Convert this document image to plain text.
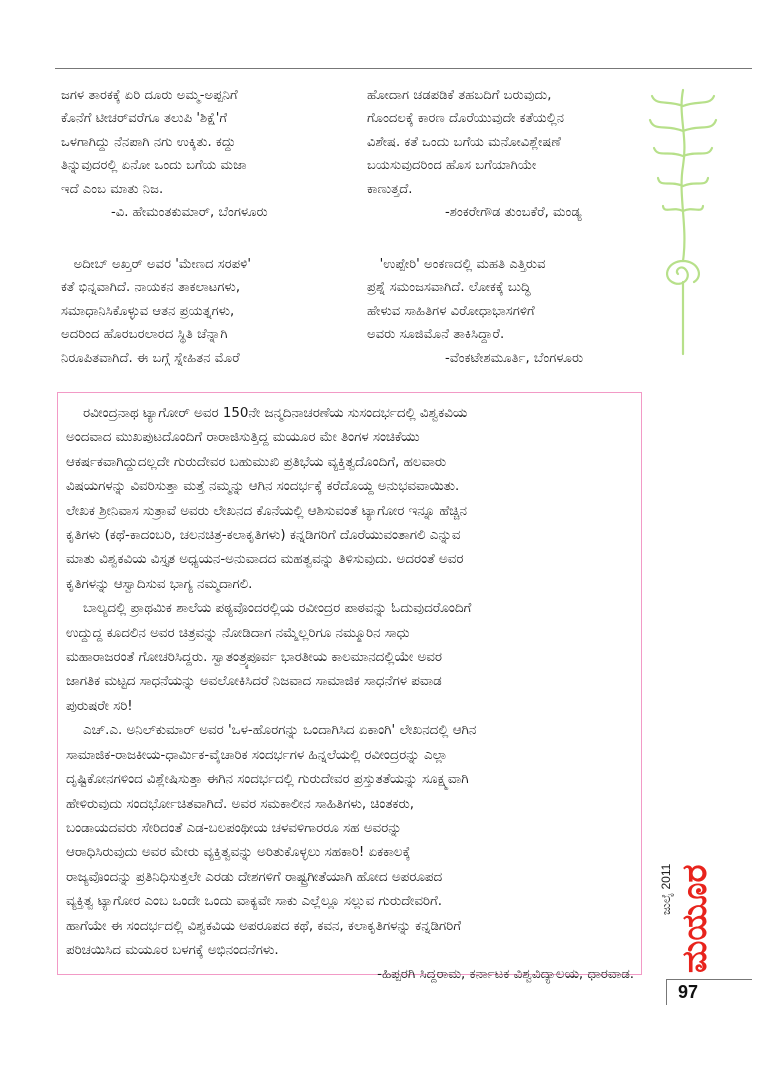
ಜಗಳ ತಾರಕಕ್ಕೆ ಏರಿ ದೂರು ಅಮ್ಮ-ಅಪ್ಪನಿಗೆ
ಕೊನೆಗೆ ಟೀಚರ್‌ವರೆಗೂ ತಲುಪಿ 'ಶಿಕ್ಷೆ'ಗೆ
ಒಳಗಾಗಿದ್ದು ನೆನಪಾಗಿ ನಗು ಉಕ್ಕಿತು. ಕದ್ದು
ತಿನ್ನುವುದರಲ್ಲಿ ಏನೋ ಒಂದು ಬಗೆಯ ಮಜಾ
ಇದೆ ಎಂಬ ಮಾತು ನಿಜ.
-ವಿ. ಹೇಮಂತಕುಮಾರ್, ಬೆಂಗಳೂರು
ಹೋದಾಗ ಚಡಪಡಿಕೆ ತಹಬದಿಗೆ ಬರುವುದು,
ಗೊಂದಲಕ್ಕೆ ಕಾರಣ ದೊರೆಯುವುದೇ ಕತೆಯಲ್ಲಿನ
ವಿಶೇಷ. ಕತೆ ಒಂದು ಬಗೆಯ ಮನೋವಿಶ್ಲೇಷಣೆ
ಬಯಸುವುದರಿಂದ ಹೊಸ ಬಗೆಯಾಗಿಯೇ
ಕಾಣುತ್ತದೆ.
-ಶಂಕರೇಗೌಡ ತುಂಬಕೆರೆ, ಮಂಡ್ಯ
ಅದೀಬ್ ಅಖ್ತರ್ ಅವರ 'ಮೇಣದ ಸರಪಳಿ'
ಕತೆ ಭಿನ್ನವಾಗಿದೆ. ನಾಯಕನ ತಾಕಲಾಟಗಳು,
ಸಮಾಧಾನಿಸಿಕೊಳ್ಳುವ ಆತನ ಪ್ರಯತ್ನಗಳು,
ಅದರಿಂದ ಹೊರಬರಲಾರದ ಸ್ಥಿತಿ ಚೆನ್ನಾಗಿ
ನಿರೂಪಿತವಾಗಿದೆ. ಈ ಬಗ್ಗೆ ಸ್ನೇಹಿತನ ಮೊರೆ
'ಉಪ್ಪೇರಿ' ಅಂಕಣದಲ್ಲಿ ಮಹತಿ ಎತ್ತಿರುವ
ಪ್ರಶ್ನೆ ಸಮಂಜಸವಾಗಿದೆ. ಲೋಕಕ್ಕೆ ಬುದ್ಧಿ
ಹೇಳುವ ಸಾಹಿತಿಗಳ ವಿರೋಧಾಭಾಸಗಳಿಗೆ
ಅವರು ಸೂಜಿಮೊನೆ ತಾಕಿಸಿದ್ದಾರೆ.
-ವೆಂಕಟೇಶಮೂರ್ತಿ, ಬೆಂಗಳೂರು
ರವೀಂದ್ರನಾಥ ಟ್ಯಾಗೋರ್ ಅವರ 150ನೇ ಜನ್ಮದಿನಾಚರಣೆಯ ಸುಸಂದರ್ಭದಲ್ಲಿ ವಿಶ್ವಕವಿಯ
ಅಂದವಾದ ಮುಖಪುಟದೊಂದಿಗೆ ರಾರಾಜಿಸುತ್ತಿದ್ದ ಮಯೂರ ಮೇ ತಿಂಗಳ ಸಂಚಿಕೆಯು
ಆಕರ್ಷಕವಾಗಿದ್ದುದಲ್ಲದೇ ಗುರುದೇವರ ಬಹುಮುಖಿ ಪ್ರತಿಭೆಯ ವ್ಯಕ್ತಿತ್ವದೊಂದಿಗೆ, ಹಲವಾರು
ವಿಷಯಗಳನ್ನು ವಿವರಿಸುತ್ತಾ ಮತ್ತೆ ನಮ್ಮನ್ನು ಆಗಿನ ಸಂದರ್ಭಕ್ಕೆ ಕರೆದೊಯ್ದ ಅನುಭವವಾಯಿತು.
ಲೇಖಕ ಶ್ರೀನಿವಾಸ ಸುತ್ರಾವೆ ಅವರು ಲೇಖನದ ಕೊನೆಯಲ್ಲಿ ಆಶಿಸುವಂತೆ ಟ್ಯಾಗೋರ ಇನ್ನೂ ಹೆಚ್ಚಿನ
ಕೃತಿಗಳು (ಕಥೆ-ಕಾದಂಬರಿ, ಚಲನಚಿತ್ರ-ಕಲಾಕೃತಿಗಳು) ಕನ್ನಡಿಗರಿಗೆ ದೊರೆಯುವಂತಾಗಲಿ ಎನ್ನುವ
ಮಾತು ವಿಶ್ವಕವಿಯ ವಿಸ್ತೃತ ಅಧ್ಯಯನ-ಅನುವಾದದ ಮಹತ್ವವನ್ನು ತಿಳಿಸುವುದು. ಅದರಂತೆ ಅವರ
ಕೃತಿಗಳನ್ನು ಆಸ್ವಾದಿಸುವ ಭಾಗ್ಯ ನಮ್ಮದಾಗಲಿ.
ಬಾಲ್ಯದಲ್ಲಿ ಪ್ರಾಥಮಿಕ ಶಾಲೆಯ ಪಠ್ಯವೊಂದರಲ್ಲಿಯ ರವೀಂದ್ರರ ಪಾಠವನ್ನು ಓದುವುದರೊಂದಿಗೆ
ಉದ್ದುದ್ದ ಕೂದಲಿನ ಅವರ ಚಿತ್ರವನ್ನು ನೋಡಿದಾಗ ನಮ್ಮೆಲ್ಲರಿಗೂ ನಮ್ಮೂರಿನ ಸಾಧು
ಮಹಾರಾಜರಂತೆ ಗೋಚರಿಸಿದ್ದರು. ಸ್ವಾತಂತ್ರ್ಯಪೂರ್ವ ಭಾರತೀಯ ಕಾಲಮಾನದಲ್ಲಿಯೇ ಅವರ
ಜಾಗತಿಕ ಮಟ್ಟದ ಸಾಧನೆಯನ್ನು ಅವಲೋಕಿಸಿದರೆ ನಿಜವಾದ ಸಾಮಾಜಿಕ ಸಾಧನೆಗಳ ಪವಾಡ
ಪುರುಷರೇ ಸರಿ!
ಎಚ್.ಎ. ಅನಿಲ್‌ಕುಮಾರ್ ಅವರ 'ಒಳ-ಹೊರಗನ್ನು ಒಂದಾಗಿಸಿದ ಏಕಾಂಗಿ' ಲೇಖನದಲ್ಲಿ ಆಗಿನ
ಸಾಮಾಜಿಕ-ರಾಜಕೀಯ-ಧಾರ್ಮಿಕ-ವೈಚಾರಿಕ ಸಂದರ್ಭಗಳ ಹಿನ್ನಲೆಯಲ್ಲಿ ರವೀಂದ್ರರನ್ನು ಎಲ್ಲಾ
ದೃಷ್ಟಿಕೋನಗಳಿಂದ ವಿಶ್ಲೇಷಿಸುತ್ತಾ ಈಗಿನ ಸಂದರ್ಭದಲ್ಲಿ ಗುರುದೇವರ ಪ್ರಸ್ತುತತೆಯನ್ನು ಸೂಕ್ಷ್ಮವಾಗಿ
ಹೇಳಿರುವುದು ಸಂದರ್ಭೋಚಿತವಾಗಿದೆ. ಅವರ ಸಮಕಾಲೀನ ಸಾಹಿತಿಗಳು, ಚಿಂತಕರು,
ಬಂಡಾಯದವರು ಸೇರಿದಂತೆ ಎಡ-ಬಲಪಂಥೀಯ ಚಳವಳಿಗಾರರೂ ಸಹ ಅವರನ್ನು
ಆರಾಧಿಸಿರುವುದು ಅವರ ಮೇರು ವ್ಯಕ್ತಿತ್ವವನ್ನು ಅರಿತುಕೊಳ್ಳಲು ಸಹಕಾರಿ! ಏಕಕಾಲಕ್ಕೆ
ರಾಜ್ಯವೊಂದನ್ನು ಪ್ರತಿನಿಧಿಸುತ್ತಲೇ ಎರಡು ದೇಶಗಳಿಗೆ ರಾಷ್ಟ್ರಗೀತೆಯಾಗಿ ಹೋದ ಅಪರೂಪದ
ವ್ಯಕ್ತಿತ್ವ ಟ್ಯಾಗೋರ ಎಂಬ ಒಂದೇ ಒಂದು ವಾಕ್ಯವೇ ಸಾಕು ಎಲ್ಲೆಲ್ಲೂ ಸಲ್ಲುವ ಗುರುದೇವರಿಗೆ.
ಹಾಗೆಯೇ ಈ ಸಂದರ್ಭದಲ್ಲಿ ವಿಶ್ವಕವಿಯ ಅಪರೂಪದ ಕಥೆ, ಕವನ, ಕಲಾಕೃತಿಗಳನ್ನು ಕನ್ನಡಿಗರಿಗೆ
ಪರಿಚಯಿಸಿದ ಮಯೂರ ಬಳಗಕ್ಕೆ ಅಭಿನಂದನೆಗಳು.
-ಹಿಪ್ಪರಗಿ ಸಿದ್ದರಾಮ, ಕರ್ನಾಟಕ ವಿಶ್ವವಿದ್ಯಾಲಯ, ಧಾರವಾಡ.
ಮಯೂರ
ಜುಲೈ 2011
97
